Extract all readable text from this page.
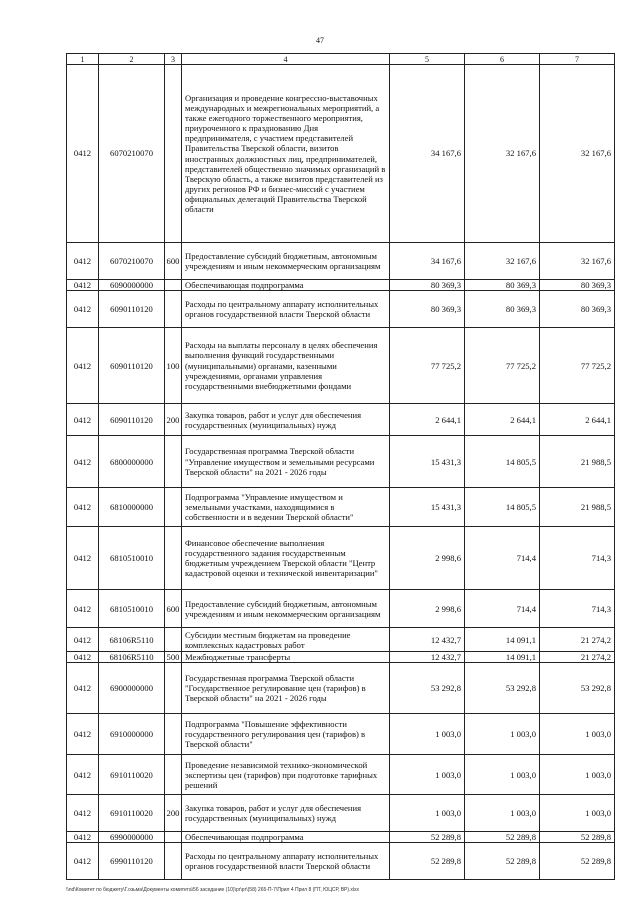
47
1	2	3	4	5	6	7
0412	6070210070		Организация и проведение конгрессно-выставочных международных и межрегиональных мероприятий, а также ежегодного торжественного мероприятия, приуроченного к празднованию Дня предпринимателя, с участием представителей Правительства Тверской области, визитов иностранных должностных лиц, предпринимателей, представителей общественно значимых организаций в Тверскую область, а также визитов представителей из других регионов РФ и бизнес-миссий с участием официальных делегаций Правительства Тверской области	34 167,6	32 167,6	32 167,6
0412	6070210070	600	Предоставление субсидий бюджетным, автономным учреждениям и иным некоммерческим организациям	34 167,6	32 167,6	32 167,6
0412	6090000000		Обеспечивающая подпрограмма	80 369,3	80 369,3	80 369,3
0412	6090110120		Расходы по центральному аппарату исполнительных органов государственной власти Тверской области	80 369,3	80 369,3	80 369,3
0412	6090110120	100	Расходы на выплаты персоналу в целях обеспечения выполнения функций государственными (муниципальными) органами, казенными учреждениями, органами управления государственными внебюджетными фондами	77 725,2	77 725,2	77 725,2
0412	6090110120	200	Закупка товаров, работ и услуг для обеспечения государственных (муниципальных) нужд	2 644,1	2 644,1	2 644,1
0412	6800000000		Государственная программа Тверской области "Управление имуществом и земельными ресурсами Тверской области" на 2021 - 2026 годы	15 431,3	14 805,5	21 988,5
0412	6810000000		Подпрограмма "Управление имуществом и земельными участками, находящимися в собственности и в ведении Тверской области"	15 431,3	14 805,5	21 988,5
0412	6810510010		Финансовое обеспечение выполнения государственного задания государственным бюджетным учреждением Тверской области "Центр кадастровой оценки и технической инвентаризации"	2 998,6	714,4	714,3
0412	6810510010	600	Предоставление субсидий бюджетным, автономным учреждениям и иным некоммерческим организациям	2 998,6	714,4	714,3
0412	68106R5110		Субсидии местным бюджетам на проведение комплексных кадастровых работ	12 432,7	14 091,1	21 274,2
0412	68106R5110	500	Межбюджетные трансферты	12 432,7	14 091,1	21 274,2
0412	6900000000		Государственная программа Тверской области "Государственное регулирование цен (тарифов) в Тверской области" на 2021 - 2026 годы	53 292,8	53 292,8	53 292,8
0412	6910000000		Подпрограмма "Повышение эффективности государственного регулирования цен (тарифов) в Тверской области"	1 003,0	1 003,0	1 003,0
0412	6910110020		Проведение независимой технико-экономической экспертизы цен (тарифов) при подготовке тарифных решений	1 003,0	1 003,0	1 003,0
0412	6910110020	200	Закупка товаров, работ и услуг для обеспечения государственных (муниципальных) нужд	1 003,0	1 003,0	1 003,0
0412	6990000000		Обеспечивающая подпрограмма	52 289,8	52 289,8	52 289,8
0412	6990110120		Расходы по центральному аппарату исполнительных органов государственной власти Тверской области	52 289,8	52 289,8	52 289,8
\\nd\Комитет по бюджету\Г.озьма\Документы комитета\56 заседание (10)\pr\pr\(58) 265-П-7\Прил 4 Прил 8 (ПТ, ЮЦСР, ВР).xlsx
